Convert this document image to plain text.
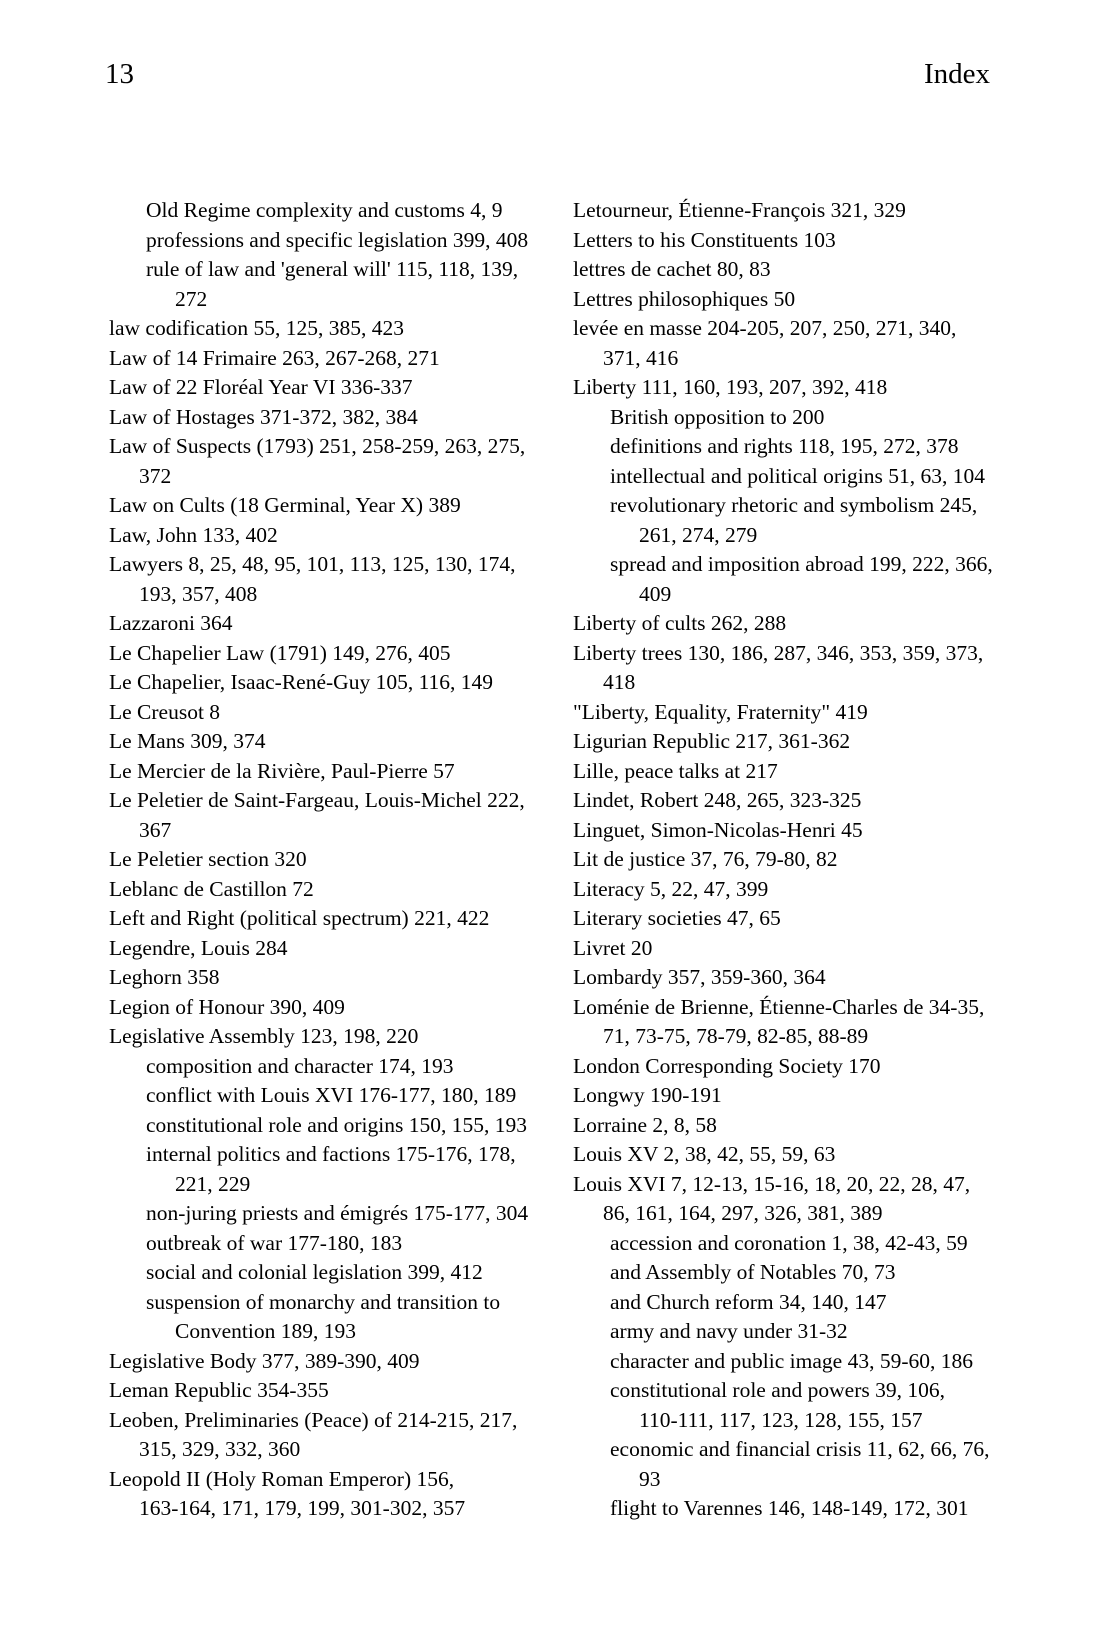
13	Index
Old Regime complexity and customs 4, 9
professions and specific legislation 399, 408
rule of law and 'general will' 115, 118, 139,
272
law codification 55, 125, 385, 423
Law of 14 Frimaire 263, 267-268, 271
Law of 22 Floréal Year VI 336-337
Law of Hostages 371-372, 382, 384
Law of Suspects (1793) 251, 258-259, 263, 275,
372
Law on Cults (18 Germinal, Year X) 389
Law, John 133, 402
Lawyers 8, 25, 48, 95, 101, 113, 125, 130, 174,
193, 357, 408
Lazzaroni 364
Le Chapelier Law (1791) 149, 276, 405
Le Chapelier, Isaac-René-Guy 105, 116, 149
Le Creusot 8
Le Mans 309, 374
Le Mercier de la Rivière, Paul-Pierre 57
Le Peletier de Saint-Fargeau, Louis-Michel 222,
367
Le Peletier section 320
Leblanc de Castillon 72
Left and Right (political spectrum) 221, 422
Legendre, Louis 284
Leghorn 358
Legion of Honour 390, 409
Legislative Assembly 123, 198, 220
composition and character 174, 193
conflict with Louis XVI 176-177, 180, 189
constitutional role and origins 150, 155, 193
internal politics and factions 175-176, 178,
221, 229
non-juring priests and émigrés 175-177, 304
outbreak of war 177-180, 183
social and colonial legislation 399, 412
suspension of monarchy and transition to
Convention 189, 193
Legislative Body 377, 389-390, 409
Leman Republic 354-355
Leoben, Preliminaries (Peace) of 214-215, 217,
315, 329, 332, 360
Leopold II (Holy Roman Emperor) 156,
163-164, 171, 179, 199, 301-302, 357
Letourneur, Étienne-François 321, 329
Letters to his Constituents 103
lettres de cachet 80, 83
Lettres philosophiques 50
levée en masse 204-205, 207, 250, 271, 340,
371, 416
Liberty 111, 160, 193, 207, 392, 418
British opposition to 200
definitions and rights 118, 195, 272, 378
intellectual and political origins 51, 63, 104
revolutionary rhetoric and symbolism 245,
261, 274, 279
spread and imposition abroad 199, 222, 366,
409
Liberty of cults 262, 288
Liberty trees 130, 186, 287, 346, 353, 359, 373,
418
"Liberty, Equality, Fraternity" 419
Ligurian Republic 217, 361-362
Lille, peace talks at 217
Lindet, Robert 248, 265, 323-325
Linguet, Simon-Nicolas-Henri 45
Lit de justice 37, 76, 79-80, 82
Literacy 5, 22, 47, 399
Literary societies 47, 65
Livret 20
Lombardy 357, 359-360, 364
Loménie de Brienne, Étienne-Charles de 34-35,
71, 73-75, 78-79, 82-85, 88-89
London Corresponding Society 170
Longwy 190-191
Lorraine 2, 8, 58
Louis XV 2, 38, 42, 55, 59, 63
Louis XVI 7, 12-13, 15-16, 18, 20, 22, 28, 47,
86, 161, 164, 297, 326, 381, 389
accession and coronation 1, 38, 42-43, 59
and Assembly of Notables 70, 73
and Church reform 34, 140, 147
army and navy under 31-32
character and public image 43, 59-60, 186
constitutional role and powers 39, 106,
110-111, 117, 123, 128, 155, 157
economic and financial crisis 11, 62, 66, 76,
93
flight to Varennes 146, 148-149, 172, 301
